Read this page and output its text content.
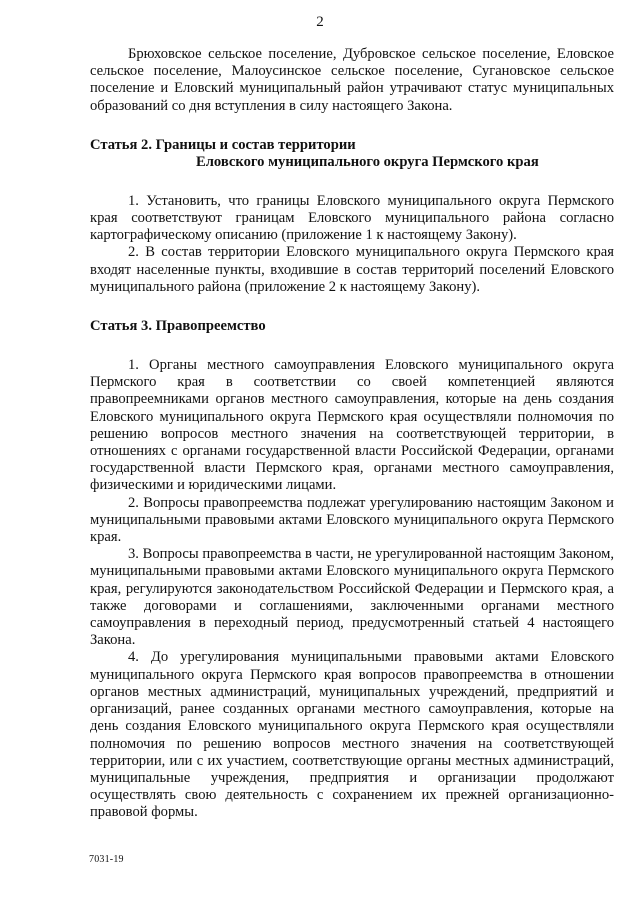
2

Брюховское сельское поселение, Дубровское сельское поселение, Еловское сельское поселение, Малоусинское сельское поселение, Сугановское сельское поселение и Еловский муниципальный район утрачивают статус муниципальных образований со дня вступления в силу настоящего Закона.

Статья 2. Границы и состав территории
Еловского муниципального округа Пермского края

1. Установить, что границы Еловского муниципального округа Пермского края соответствуют границам Еловского муниципального района согласно картографическому описанию (приложение 1 к настоящему Закону).

2. В состав территории Еловского муниципального округа Пермского края входят населенные пункты, входившие в состав территорий поселений Еловского муниципального района (приложение 2 к настоящему Закону).

Статья 3. Правопреемство

1. Органы местного самоуправления Еловского муниципального округа Пермского края в соответствии со своей компетенцией являются правопреемниками органов местного самоуправления, которые на день создания Еловского муниципального округа Пермского края осуществляли полномочия по решению вопросов местного значения на соответствующей территории, в отношениях с органами государственной власти Российской Федерации, органами государственной власти Пермского края, органами местного самоуправления, физическими и юридическими лицами.

2. Вопросы правопреемства подлежат урегулированию настоящим Законом и муниципальными правовыми актами Еловского муниципального округа Пермского края.

3. Вопросы правопреемства в части, не урегулированной настоящим Законом, муниципальными правовыми актами Еловского муниципального округа Пермского края, регулируются законодательством Российской Федерации и Пермского края, а также договорами и соглашениями, заключенными органами местного самоуправления в переходный период, предусмотренный статьей 4 настоящего Закона.

4. До урегулирования муниципальными правовыми актами Еловского муниципального округа Пермского края вопросов правопреемства в отношении органов местных администраций, муниципальных учреждений, предприятий и организаций, ранее созданных органами местного самоуправления, которые на день создания Еловского муниципального округа Пермского края осуществляли полномочия по решению вопросов местного значения на соответствующей территории, или с их участием, соответствующие органы местных администраций, муниципальные учреждения, предприятия и организации продолжают осуществлять свою деятельность с сохранением их прежней организационно-правовой формы.

7031-19
